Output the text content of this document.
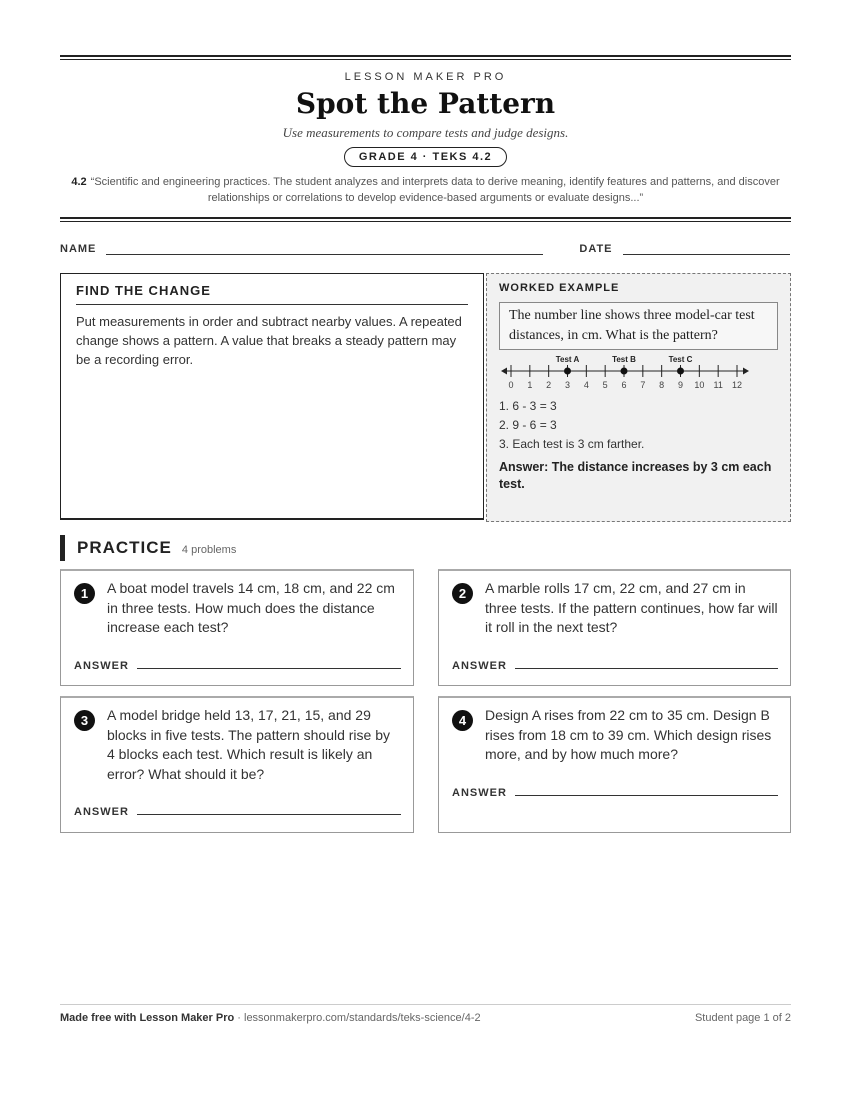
LESSON MAKER PRO
Spot the Pattern
Use measurements to compare tests and judge designs.
GRADE 4 · TEKS 4.2
4.2 “Scientific and engineering practices. The student analyzes and interprets data to derive meaning, identify features and patterns, and discover relationships or correlations to develop evidence-based arguments or evaluate designs...”
NAME	DATE
FIND THE CHANGE

Put measurements in order and subtract nearby values. A repeated change shows a pattern. A value that breaks a steady pattern may be a recording error.

WORKED EXAMPLE
The number line shows three model-car test distances, in cm. What is the pattern?
0 1 2 3 4 5 6 7 8 9 10 11 12
Test A	Test B	Test C
1. 6 - 3 = 3
2. 9 - 6 = 3
3. Each test is 3 cm farther.
Answer: The distance increases by 3 cm each test.
PRACTICE 4 problems
1	A boat model travels 14 cm, 18 cm, and 22 cm in three tests. How much does the distance increase each test?
ANSWER
2	A marble rolls 17 cm, 22 cm, and 27 cm in three tests. If the pattern continues, how far will it roll in the next test?
ANSWER
3	A model bridge held 13, 17, 21, 15, and 29 blocks in five tests. The pattern should rise by 4 blocks each test. Which result is likely an error? What should it be?
ANSWER
4	Design A rises from 22 cm to 35 cm. Design B rises from 18 cm to 39 cm. Which design rises more, and by how much more?
ANSWER
Made free with Lesson Maker Pro · lessonmakerpro.com/standards/teks-science/4-2	Student page 1 of 2
